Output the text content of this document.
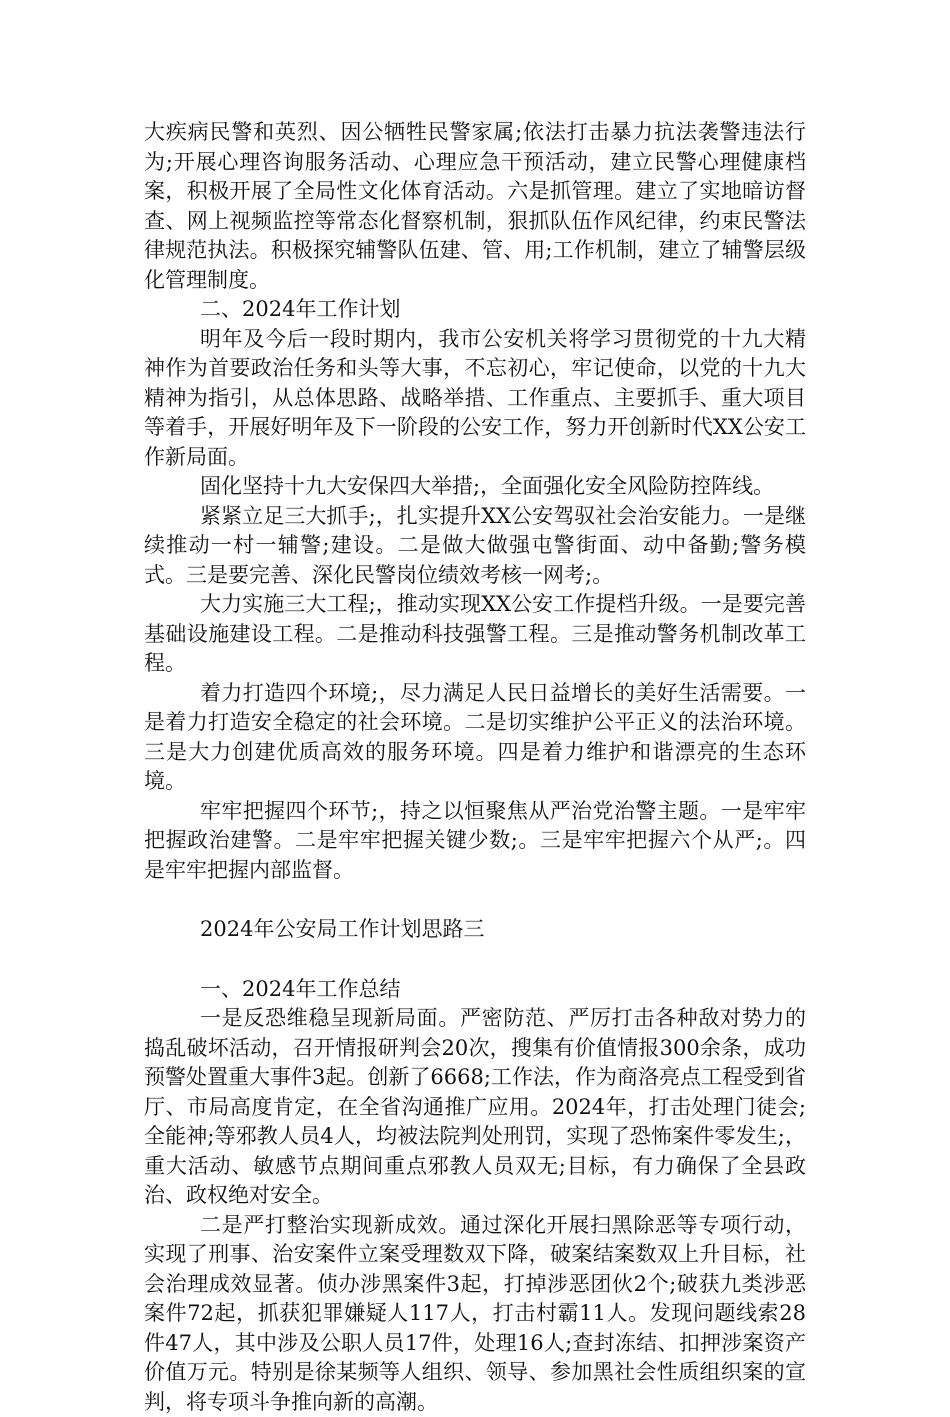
大疾病民警和英烈、因公牺牲民警家属;依法打击暴力抗法袭警违法行为;开展心理咨询服务活动、心理应急干预活动，建立民警心理健康档案，积极开展了全局性文化体育活动。六是抓管理。建立了实地暗访督查、网上视频监控等常态化督察机制，狠抓队伍作风纪律，约束民警法律规范执法。积极探究辅警队伍建、管、用;工作机制，建立了辅警层级化管理制度。

二、2024年工作计划

明年及今后一段时期内，我市公安机关将学习贯彻党的十九大精神作为首要政治任务和头等大事，不忘初心，牢记使命，以党的十九大精神为指引，从总体思路、战略举措、工作重点、主要抓手、重大项目等着手，开展好明年及下一阶段的公安工作，努力开创新时代XX公安工作新局面。

固化坚持十九大安保四大举措;，全面强化安全风险防控阵线。

紧紧立足三大抓手;，扎实提升XX公安驾驭社会治安能力。一是继续推动一村一辅警;建设。二是做大做强屯警街面、动中备勤;警务模式。三是要完善、深化民警岗位绩效考核一网考;。

大力实施三大工程;，推动实现XX公安工作提档升级。一是要完善基础设施建设工程。二是推动科技强警工程。三是推动警务机制改革工程。

着力打造四个环境;，尽力满足人民日益增长的美好生活需要。一是着力打造安全稳定的社会环境。二是切实维护公平正义的法治环境。三是大力创建优质高效的服务环境。四是着力维护和谐漂亮的生态环境。

牢牢把握四个环节;，持之以恒聚焦从严治党治警主题。一是牢牢把握政治建警。二是牢牢把握关键少数;。三是牢牢把握六个从严;。四是牢牢把握内部监督。

2024年公安局工作计划思路三

一、2024年工作总结

一是反恐维稳呈现新局面。严密防范、严厉打击各种敌对势力的捣乱破坏活动，召开情报研判会20次，搜集有价值情报300余条，成功预警处置重大事件3起。创新了6668;工作法，作为商洛亮点工程受到省厅、市局高度肯定，在全省沟通推广应用。2024年，打击处理门徒会;全能神;等邪教人员4人，均被法院判处刑罚，实现了恐怖案件零发生;，重大活动、敏感节点期间重点邪教人员双无;目标，有力确保了全县政治、政权绝对安全。

二是严打整治实现新成效。通过深化开展扫黑除恶等专项行动，实现了刑事、治安案件立案受理数双下降，破案结案数双上升目标，社会治理成效显著。侦办涉黑案件3起，打掉涉恶团伙2个;破获九类涉恶案件72起，抓获犯罪嫌疑人117人，打击村霸11人。发现问题线索28件47人，其中涉及公职人员17件，处理16人;查封冻结、扣押涉案资产价值万元。特别是徐某频等人组织、领导、参加黑社会性质组织案的宣判，将专项斗争推向新的高潮。
